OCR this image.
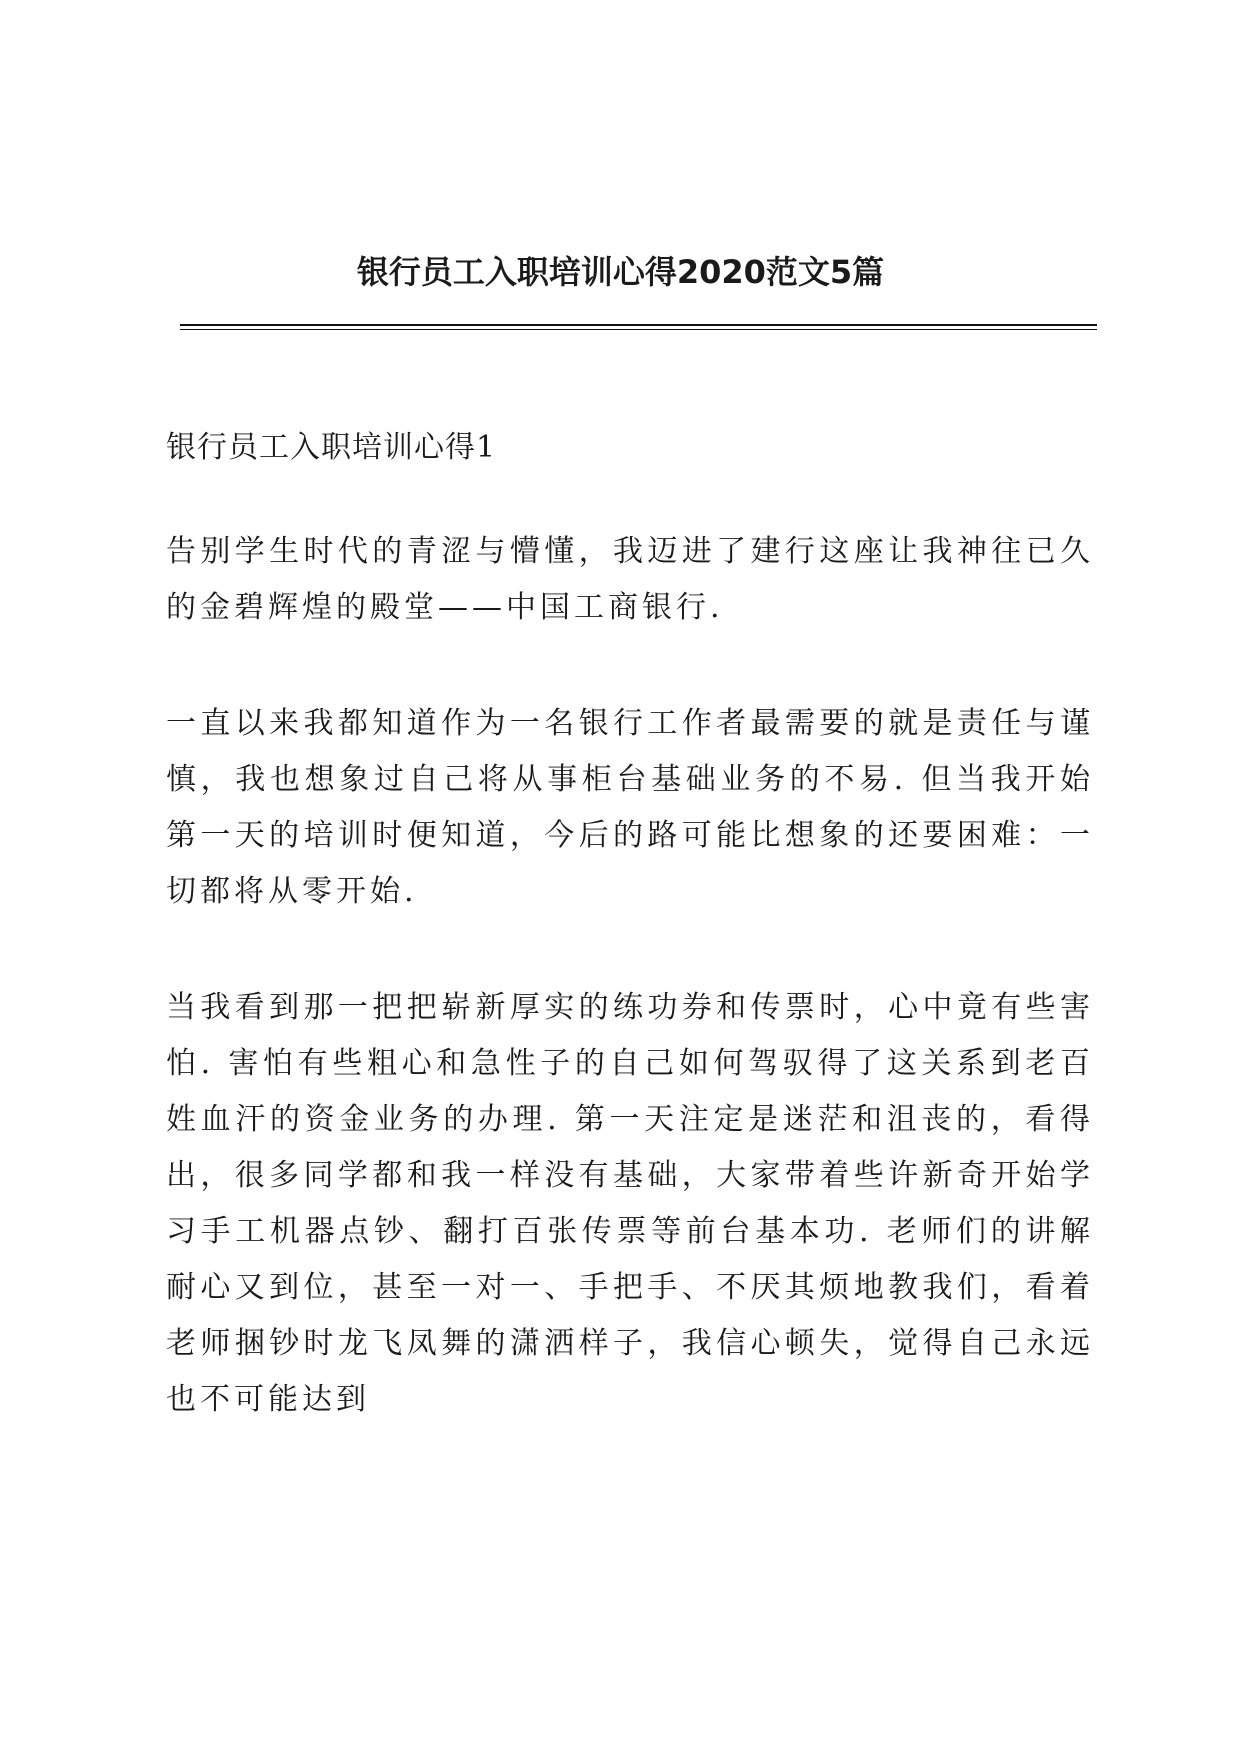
银行员工入职培训心得2020范文5篇
银行员工入职培训心得1

告别学生时代的青涩与懵懂，我迈进了建行这座让我神往已久的金碧辉煌的殿堂——中国工商银行.

一直以来我都知道作为一名银行工作者最需要的就是责任与谨慎，我也想象过自己将从事柜台基础业务的不易. 但当我开始第一天的培训时便知道，今后的路可能比想象的还要困难：一切都将从零开始.

当我看到那一把把崭新厚实的练功券和传票时，心中竟有些害怕. 害怕有些粗心和急性子的自己如何驾驭得了这关系到老百姓血汗的资金业务的办理. 第一天注定是迷茫和沮丧的，看得出，很多同学都和我一样没有基础，大家带着些许新奇开始学习手工机器点钞、翻打百张传票等前台基本功. 老师们的讲解耐心又到位，甚至一对一、手把手、不厌其烦地教我们，看着老师捆钞时龙飞凤舞的潇洒样子，我信心顿失，觉得自己永远也不可能达到
